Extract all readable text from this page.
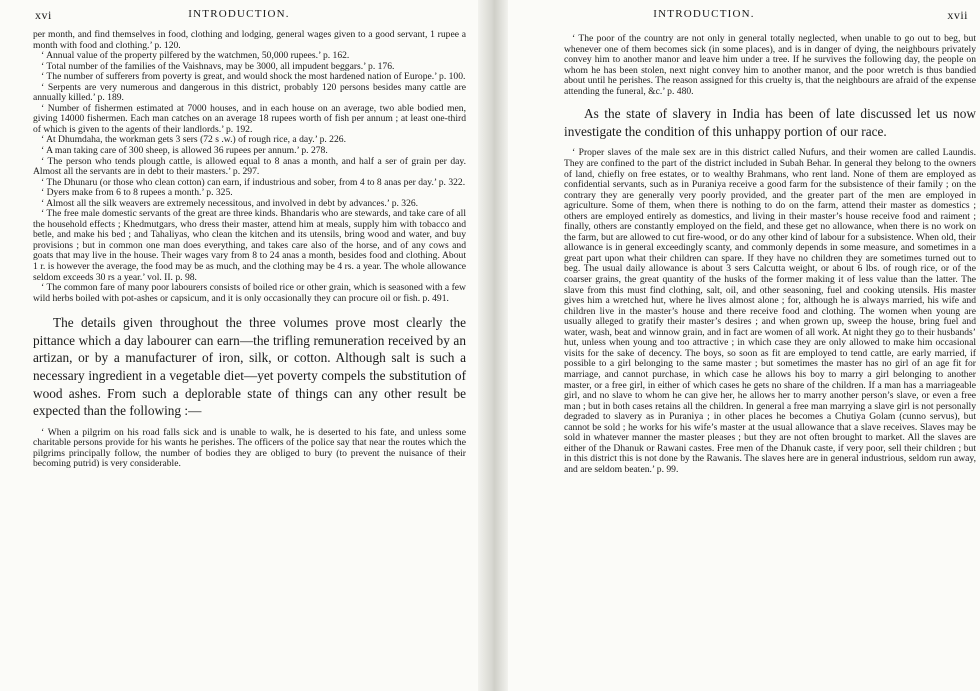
xvi	INTRODUCTION.

per month, and find themselves in food, clothing and lodging, general wages given to a good servant, 1 rupee a month with food and clothing.’ p. 120.

‘ Annual value of the property pilfered by the watchmen, 50,000 rupees.’ p. 162.

‘ Total number of the families of the Vaishnavs, may be 3000, all impudent beggars.’ p. 176.

‘ The number of sufferers from poverty is great, and would shock the most hardened nation of Europe.’ p. 100.

‘ Serpents are very numerous and dangerous in this district, probably 120 persons besides many cattle are annually killed.’ p. 189.

‘ Number of fishermen estimated at 7000 houses, and in each house on an average, two able bodied men, giving 14000 fishermen. Each man catches on an average 18 rupees worth of fish per annum ; at least one-third of which is given to the agents of their landlords.’ p. 192.

‘ At Dhumdaha, the workman gets 3 sers (72 s .w.) of rough rice, a day.’ p. 226.

‘ A man taking care of 300 sheep, is allowed 36 rupees per annum.’ p. 278.

‘ The person who tends plough cattle, is allowed equal to 8 anas a month, and half a ser of grain per day. Almost all the servants are in debt to their masters.’ p. 297.

‘ The Dhunaru (or those who clean cotton) can earn, if industrious and sober, from 4 to 8 anas per day.’ p. 322.

‘ Dyers make from 6 to 8 rupees a month.’ p. 325.

‘ Almost all the silk weavers are extremely necessitous, and involved in debt by advances.’ p. 326.

‘ The free male domestic servants of the great are three kinds. Bhandaris who are stewards, and take care of all the household effects ; Khedmutgars, who dress their master, attend him at meals, supply him with tobacco and betle, and make his bed ; and Tahaliyas, who clean the kitchen and its utensils, bring wood and water, and buy provisions ; but in common one man does everything, and takes care also of the horse, and of any cows and goats that may live in the house. Their wages vary from 8 to 24 anas a month, besides food and clothing. About 1 r. is however the average, the food may be as much, and the clothing may be 4 rs. a year. The whole allowance seldom exceeds 30 rs a year.’ vol. II. p. 98.

‘ The common fare of many poor labourers consists of boiled rice or other grain, which is seasoned with a few wild herbs boiled with pot-ashes or capsicum, and it is only occasionally they can procure oil or fish. p. 491.

The details given throughout the three volumes prove most clearly the pittance which a day labourer can earn—the trifling remuneration received by an artizan, or by a manufacturer of iron, silk, or cotton. Although salt is such a necessary ingredient in a vegetable diet—yet poverty compels the substitution of wood ashes. From such a deplorable state of things can any other result be expected than the following :—

‘ When a pilgrim on his road falls sick and is unable to walk, he is deserted to his fate, and unless some charitable persons provide for his wants he perishes. The officers of the police say that near the routes which the pilgrims principally follow, the number of bodies they are obliged to bury (to prevent the nuisance of their becoming putrid) is very considerable.

INTRODUCTION.	xvii

‘ The poor of the country are not only in general totally neglected, when unable to go out to beg, but whenever one of them becomes sick (in some places), and is in danger of dying, the neighbours privately convey him to another manor and leave him under a tree. If he survives the following day, the people on whom he has been stolen, next night convey him to another manor, and the poor wretch is thus bandied about until he perishes. The reason assigned for this cruelty is, that the neighbours are afraid of the expense attending the funeral, &c.’ p. 480.

As the state of slavery in India has been of late discussed let us now investigate the condition of this unhappy portion of our race.

‘ Proper slaves of the male sex are in this district called Nufurs, and their women are called Laundis. They are confined to the part of the district included in Subah Behar. In general they belong to the owners of land, chiefly on free estates, or to wealthy Brahmans, who rent land. None of them are employed as confidential servants, such as in Puraniya receive a good farm for the subsistence of their family ; on the contrary they are generally very poorly provided, and the greater part of the men are employed in agriculture. Some of them, when there is nothing to do on the farm, attend their master as domestics ; others are employed entirely as domestics, and living in their master’s house receive food and raiment ; finally, others are constantly employed on the field, and these get no allowance, when there is no work on the farm, but are allowed to cut fire-wood, or do any other kind of labour for a subsistence. When old, their allowance is in general exceedingly scanty, and commonly depends in some measure, and sometimes in a great part upon what their children can spare. If they have no children they are sometimes turned out to beg. The usual daily allowance is about 3 sers Calcutta weight, or about 6 lbs. of rough rice, or of the coarser grains, the great quantity of the husks of the former making it of less value than the latter. The slave from this must find clothing, salt, oil, and other seasoning, fuel and cooking utensils. His master gives him a wretched hut, where he lives almost alone ; for, although he is always married, his wife and children live in the master’s house and there receive food and clothing. The women when young are usually alleged to gratify their master’s desires ; and when grown up, sweep the house, bring fuel and water, wash, beat and winnow grain, and in fact are women of all work. At night they go to their husbands’ hut, unless when young and too attractive ; in which case they are only allowed to make him occasional visits for the sake of decency. The boys, so soon as fit are employed to tend cattle, are early married, if possible to a girl belonging to the same master ; but sometimes the master has no girl of an age fit for marriage, and cannot purchase, in which case he allows his boy to marry a girl belonging to another master, or a free girl, in either of which cases he gets no share of the children. If a man has a marriageable girl, and no slave to whom he can give her, he allows her to marry another person’s slave, or even a free man ; but in both cases retains all the children. In general a free man marrying a slave girl is not personally degraded to slavery as in Puraniya ; in other places he becomes a Chutiya Golam (cunno servus), but cannot be sold ; he works for his wife’s master at the usual allowance that a slave receives. Slaves may be sold in whatever manner the master pleases ; but they are not often brought to market. All the slaves are either of the Dhanuk or Rawani castes. Free men of the Dhanuk caste, if very poor, sell their children ; but in this district this is not done by the Rawanis. The slaves here are in general industrious, seldom run away, and are seldom beaten.’ p. 99.
